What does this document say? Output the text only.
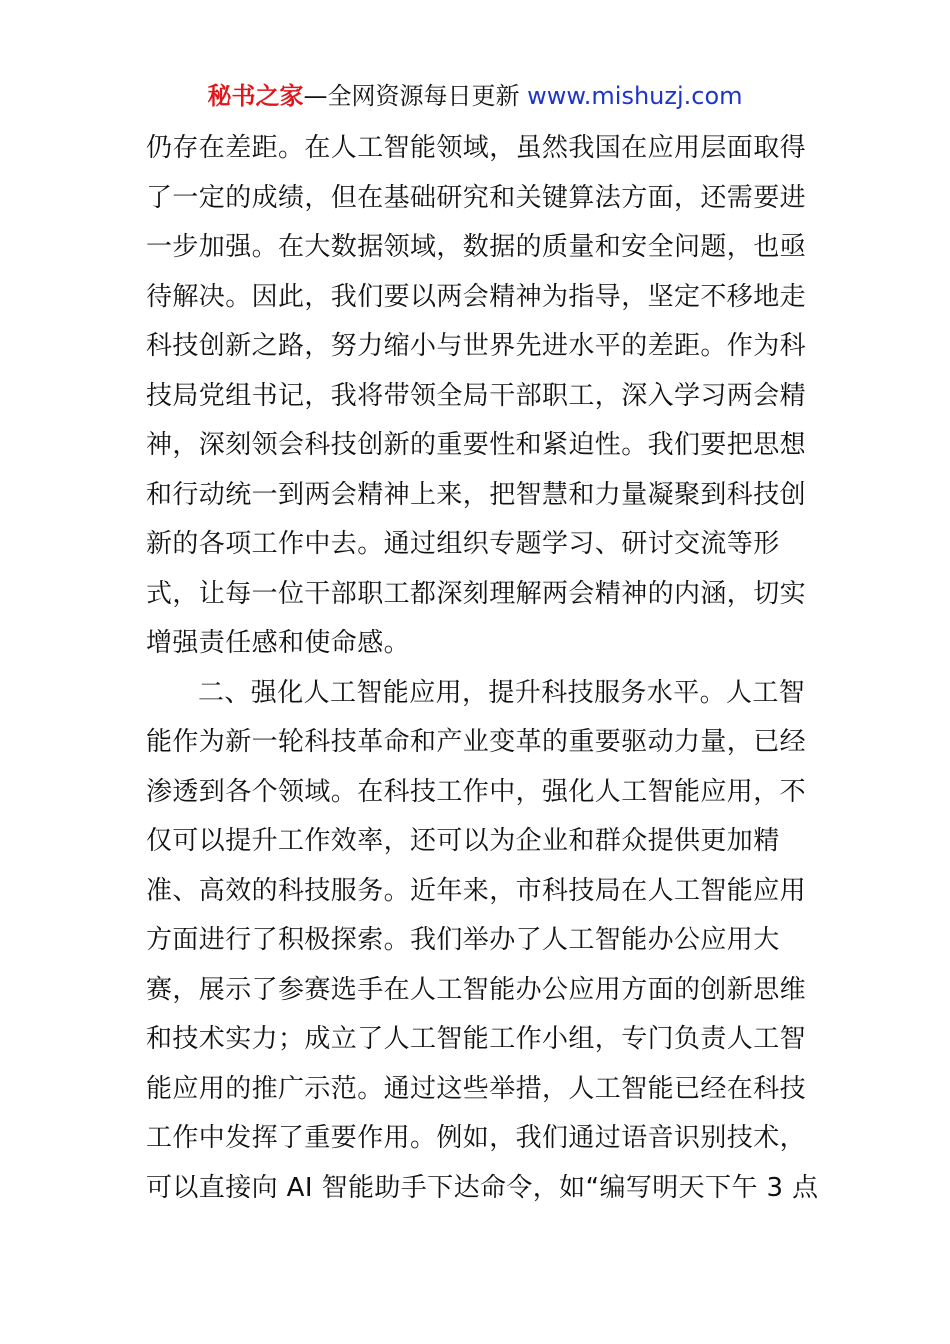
秘书之家—全网资源每日更新 www.mishuzj.com
仍存在差距。在人工智能领域，虽然我国在应用层面取得
了一定的成绩，但在基础研究和关键算法方面，还需要进
一步加强。在大数据领域，数据的质量和安全问题，也亟
待解决。因此，我们要以两会精神为指导，坚定不移地走
科技创新之路，努力缩小与世界先进水平的差距。作为科
技局党组书记，我将带领全局干部职工，深入学习两会精
神，深刻领会科技创新的重要性和紧迫性。我们要把思想
和行动统一到两会精神上来，把智慧和力量凝聚到科技创
新的各项工作中去。通过组织专题学习、研讨交流等形
式，让每一位干部职工都深刻理解两会精神的内涵，切实
增强责任感和使命感。
二、强化人工智能应用，提升科技服务水平。人工智
能作为新一轮科技革命和产业变革的重要驱动力量，已经
渗透到各个领域。在科技工作中，强化人工智能应用，不
仅可以提升工作效率，还可以为企业和群众提供更加精
准、高效的科技服务。近年来，市科技局在人工智能应用
方面进行了积极探索。我们举办了人工智能办公应用大
赛，展示了参赛选手在人工智能办公应用方面的创新思维
和技术实力；成立了人工智能工作小组，专门负责人工智
能应用的推广示范。通过这些举措，人工智能已经在科技
工作中发挥了重要作用。例如，我们通过语音识别技术，
可以直接向 AI 智能助手下达命令，如“编写明天下午 3 点
